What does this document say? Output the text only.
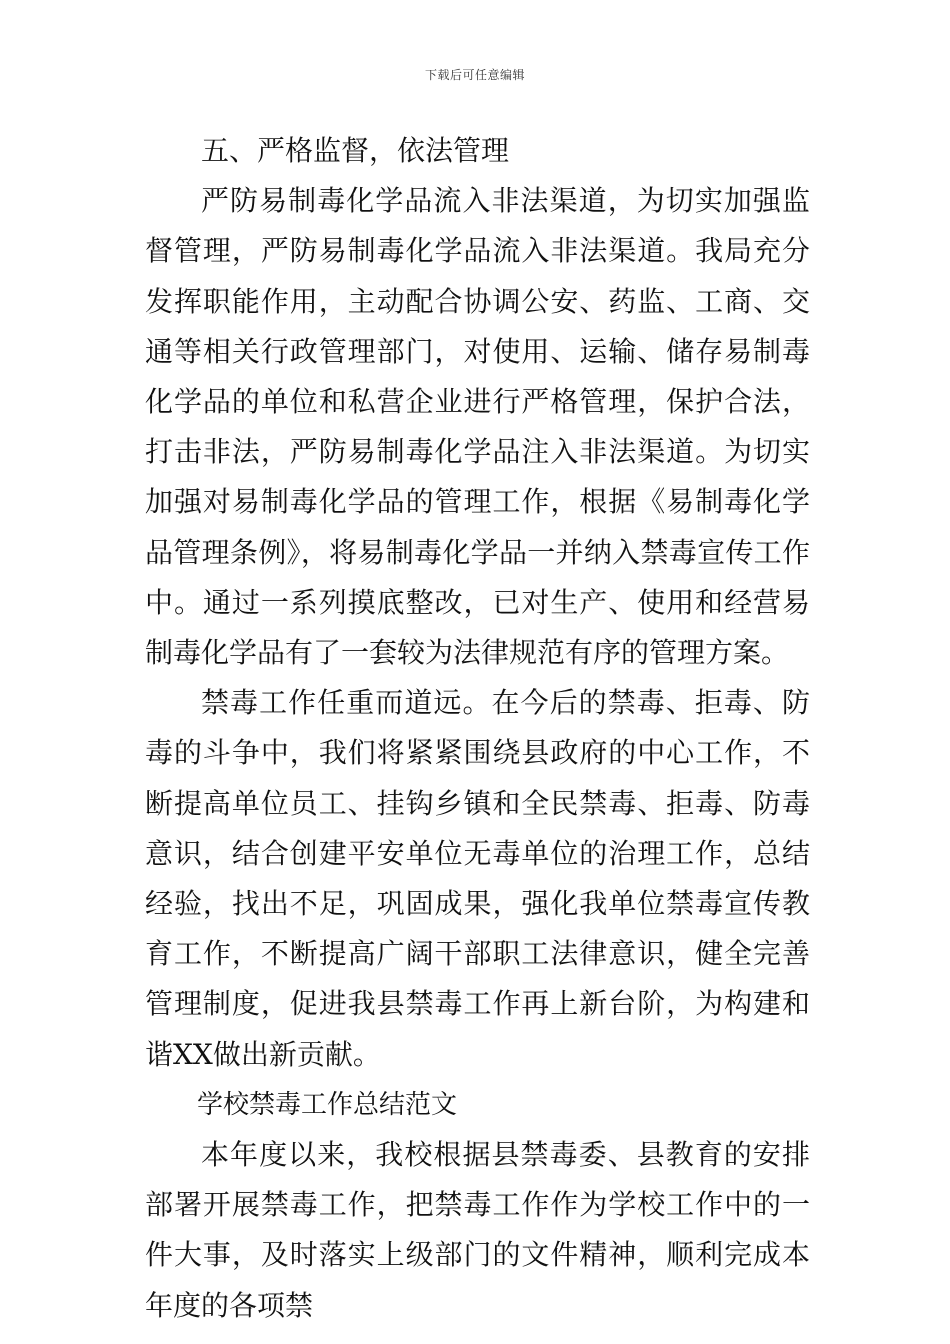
下载后可任意编辑

五、严格监督，依法管理

严防易制毒化学品流入非法渠道，为切实加强监督管理，严防易制毒化学品流入非法渠道。我局充分发挥职能作用，主动配合协调公安、药监、工商、交通等相关行政管理部门，对使用、运输、储存易制毒化学品的单位和私营企业进行严格管理，保护合法，打击非法，严防易制毒化学品注入非法渠道。为切实加强对易制毒化学品的管理工作，根据《易制毒化学品管理条例》，将易制毒化学品一并纳入禁毒宣传工作中。通过一系列摸底整改，已对生产、使用和经营易制毒化学品有了一套较为法律规范有序的管理方案。

禁毒工作任重而道远。在今后的禁毒、拒毒、防毒的斗争中，我们将紧紧围绕县政府的中心工作，不断提高单位员工、挂钩乡镇和全民禁毒、拒毒、防毒意识，结合创建平安单位无毒单位的治理工作，总结经验，找出不足，巩固成果，强化我单位禁毒宣传教育工作，不断提高广阔干部职工法律意识，健全完善管理制度，促进我县禁毒工作再上新台阶，为构建和谐XX做出新贡献。

学校禁毒工作总结范文

本年度以来，我校根据县禁毒委、县教育的安排部署开展禁毒工作，把禁毒工作作为学校工作中的一件大事，及时落实上级部门的文件精神，顺利完成本年度的各项禁
